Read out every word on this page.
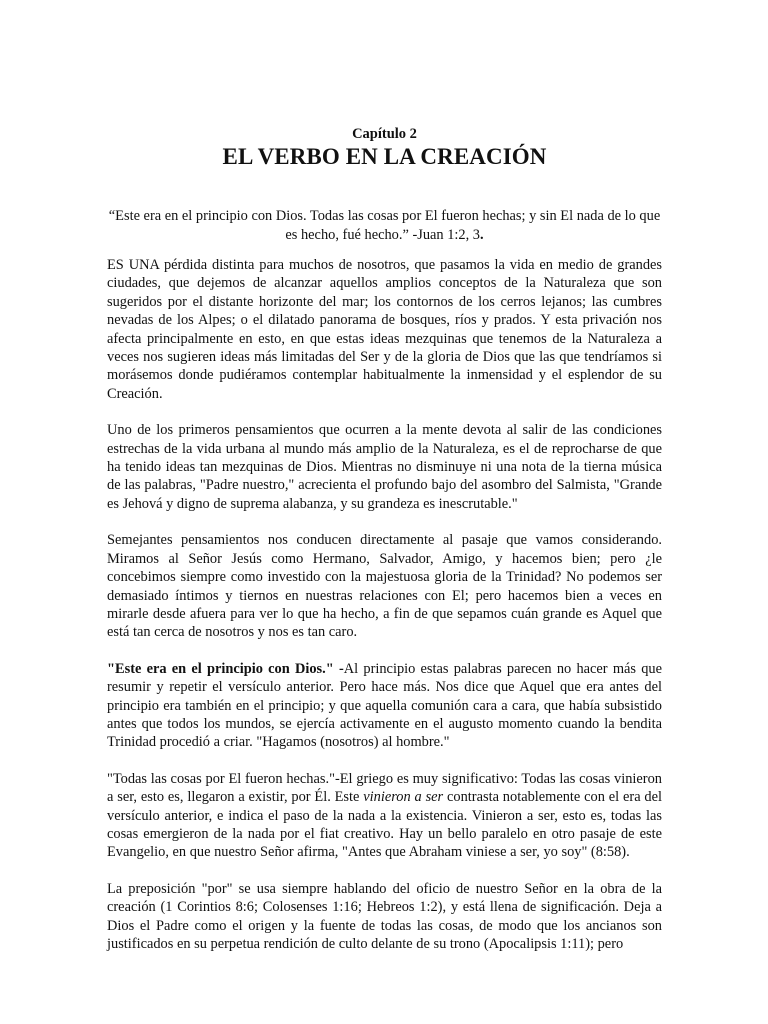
Capítulo 2
EL VERBO EN LA CREACIÓN
“Este era en el principio con Dios. Todas las cosas por El fueron hechas; y sin El nada de lo que es hecho, fué hecho.” -Juan 1:2, 3.

ES UNA pérdida distinta para muchos de nosotros, que pasamos la vida en medio de grandes ciudades, que dejemos de alcanzar aquellos amplios conceptos de la Naturaleza que son sugeridos por el distante horizonte del mar; los contornos de los cerros lejanos; las cumbres nevadas de los Alpes; o el dilatado panorama de bosques, ríos y prados. Y esta privación nos afecta principalmente en esto, en que estas ideas mezquinas que tenemos de la Naturaleza a veces nos sugieren ideas más limitadas del Ser y de la gloria de Dios que las que tendríamos si morásemos donde pudiéramos contemplar habitualmente la inmensidad y el esplendor de su Creación.

Uno de los primeros pensamientos que ocurren a la mente devota al salir de las condiciones estrechas de la vida urbana al mundo más amplio de la Naturaleza, es el de reprocharse de que ha tenido ideas tan mezquinas de Dios. Mientras no disminuye ni una nota de la tierna música de las palabras, "Padre nuestro," acrecienta el profundo bajo del asombro del Salmista, "Grande es Jehová y digno de suprema alabanza, y su grandeza es inescrutable."

Semejantes pensamientos nos conducen directamente al pasaje que vamos considerando. Miramos al Señor Jesús como Hermano, Salvador, Amigo, y hacemos bien; pero ¿le concebimos siempre como investido con la majestuosa gloria de la Trinidad? No podemos ser demasiado íntimos y tiernos en nuestras relaciones con El; pero hacemos bien a veces en mirarle desde afuera para ver lo que ha hecho, a fin de que sepamos cuán grande es Aquel que está tan cerca de nosotros y nos es tan caro.

"Este era en el principio con Dios." -Al principio estas palabras parecen no hacer más que resumir y repetir el versículo anterior. Pero hace más. Nos dice que Aquel que era antes del principio era también en el principio; y que aquella comunión cara a cara, que había subsistido antes que todos los mundos, se ejercía activamente en el augusto momento cuando la bendita Trinidad procedió a criar. "Hagamos (nosotros) al hombre."

"Todas las cosas por El fueron hechas."-El griego es muy significativo: Todas las cosas vinieron a ser, esto es, llegaron a existir, por Él. Este vinieron a ser contrasta notablemente con el era del versículo anterior, e indica el paso de la nada a la existencia. Vinieron a ser, esto es, todas las cosas emergieron de la nada por el fiat creativo. Hay un bello paralelo en otro pasaje de este Evangelio, en que nuestro Señor afirma, "Antes que Abraham viniese a ser, yo soy" (8:58).

La preposición "por" se usa siempre hablando del oficio de nuestro Señor en la obra de la creación (1 Corintios 8:6; Colosenses 1:16; Hebreos 1:2), y está llena de significación. Deja a Dios el Padre como el origen y la fuente de todas las cosas, de modo que los ancianos son justificados en su perpetua rendición de culto delante de su trono (Apocalipsis 1:11); pero
